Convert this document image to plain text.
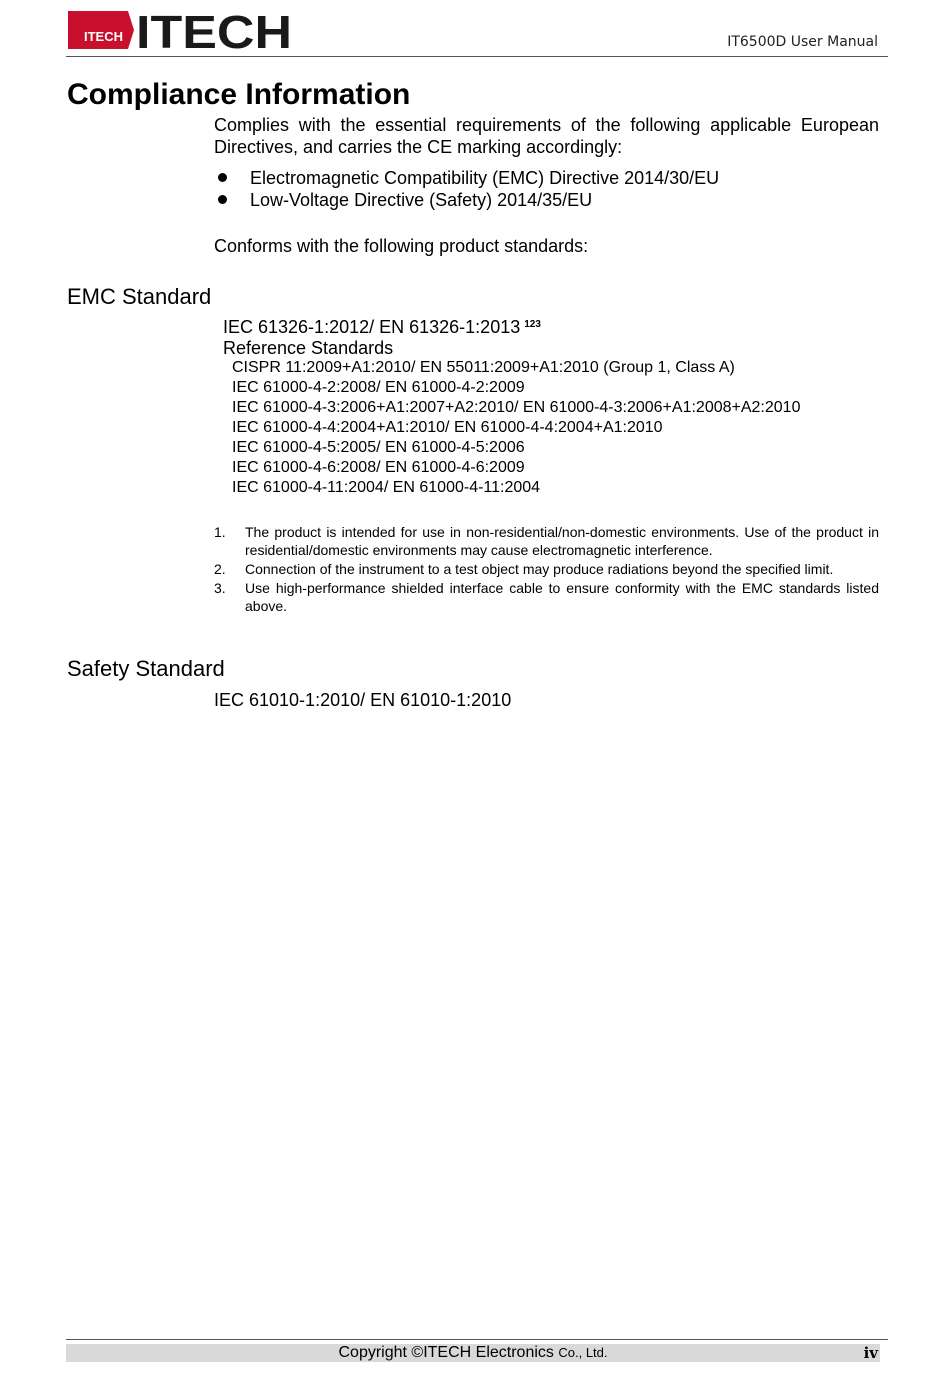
ITECH ITECH	IT6500D User Manual
Compliance Information

Complies with the essential requirements of the following applicable European Directives, and carries the CE marking accordingly:

Electromagnetic Compatibility (EMC) Directive 2014/30/EU
Low-Voltage Directive (Safety) 2014/35/EU

Conforms with the following product standards:

EMC Standard
IEC 61326-1:2012/ EN 61326-1:2013 $^{123}$
Reference Standards
CISPR 11:2009+A1:2010/ EN 55011:2009+A1:2010 (Group 1, Class A)
IEC 61000-4-2:2008/ EN 61000-4-2:2009
IEC 61000-4-3:2006+A1:2007+A2:2010/ EN 61000-4-3:2006+A1:2008+A2:2010
IEC 61000-4-4:2004+A1:2010/ EN 61000-4-4:2004+A1:2010
IEC 61000-4-5:2005/ EN 61000-4-5:2006
IEC 61000-4-6:2008/ EN 61000-4-6:2009
IEC 61000-4-11:2004/ EN 61000-4-11:2004
1. The product is intended for use in non-residential/non-domestic environments. Use of the product in residential/domestic environments may cause electromagnetic interference.
2. Connection of the instrument to a test object may produce radiations beyond the specified limit.
3. Use high-performance shielded interface cable to ensure conformity with the EMC standards listed above.
Safety Standard
IEC 61010-1:2010/ EN 61010-1:2010
Copyright ©ITECH Electronics Co., Ltd.	iv
